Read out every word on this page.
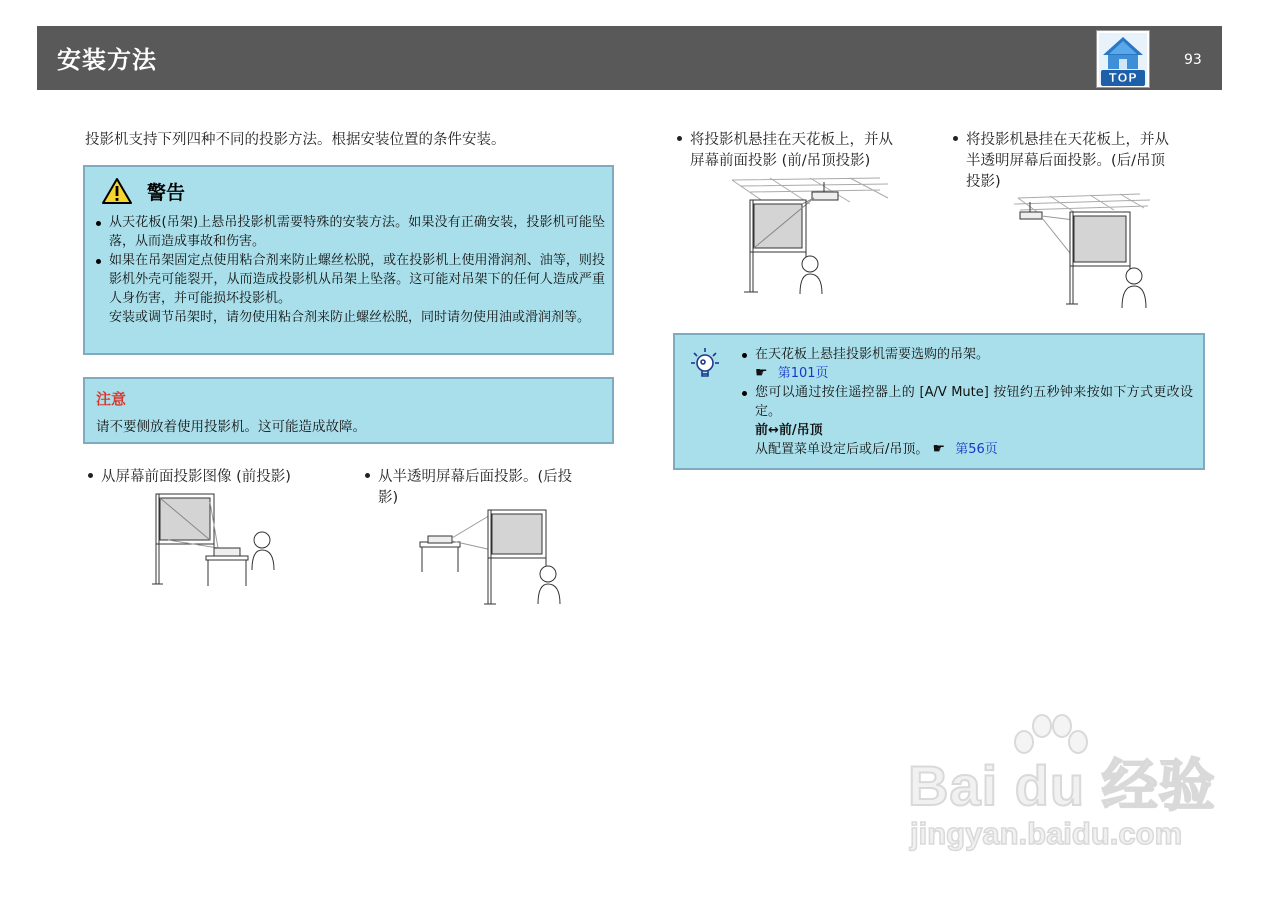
安装方法
TOP
93
投影机支持下列四种不同的投影方法。根据安装位置的条件安装。
警告
从天花板(吊架)上悬吊投影机需要特殊的安装方法。如果没有正确安装，投影机可能坠落，从而造成事故和伤害。
如果在吊架固定点使用粘合剂来防止螺丝松脱，或在投影机上使用滑润剂、油等，则投影机外壳可能裂开，从而造成投影机从吊架上坠落。这可能对吊架下的任何人造成严重人身伤害，并可能损坏投影机。
安装或调节吊架时，请勿使用粘合剂来防止螺丝松脱，同时请勿使用油或滑润剂等。
注意
请不要侧放着使用投影机。这可能造成故障。
从屏幕前面投影图像 (前投影)	从半透明屏幕后面投影。(后投
影)
将投影机悬挂在天花板上，并从
屏幕前面投影 (前/吊顶投影)
将投影机悬挂在天花板上，并从
半透明屏幕后面投影。(后/吊顶
投影)
在天花板上悬挂投影机需要选购的吊架。
☛ 第101页
您可以通过按住遥控器上的 [A/V Mute] 按钮约五秒钟来按如下方式更改设定。
前↔前/吊顶
从配置菜单设定后或后/吊顶。 ☛ 第56页
Bai du 经验
jingyan.baidu.com
